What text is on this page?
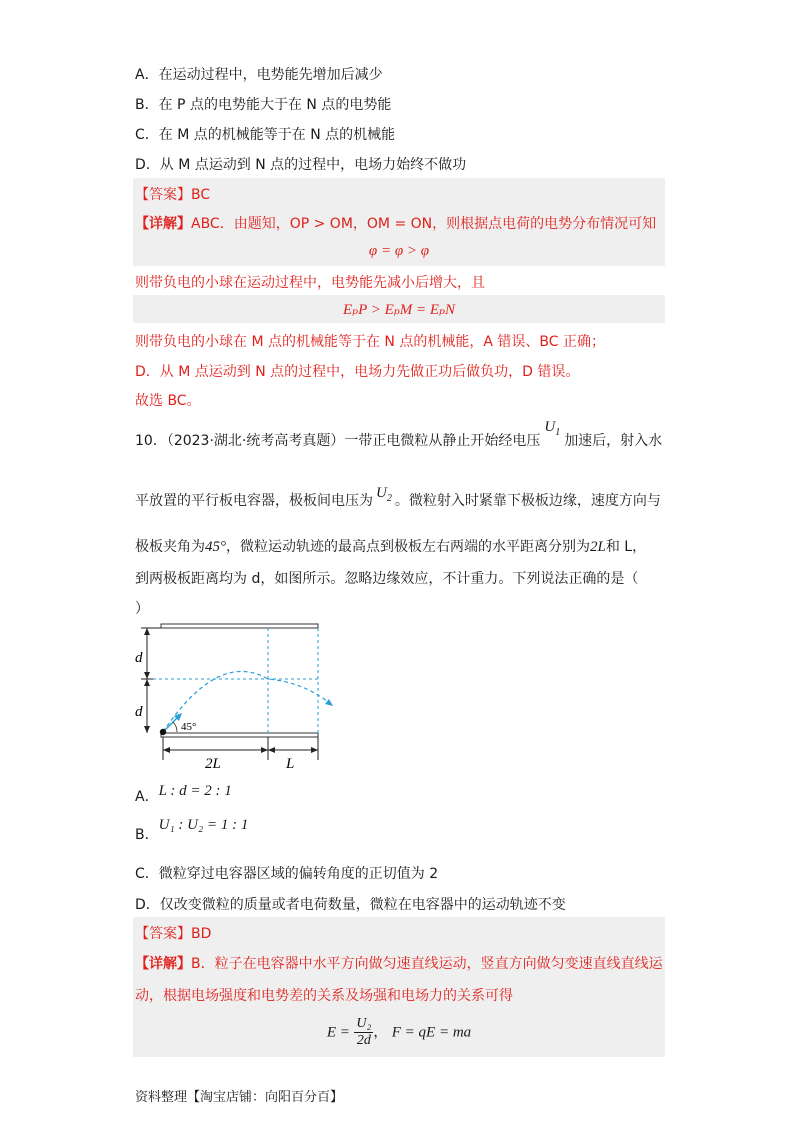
A．在运动过程中，电势能先增加后减少
B．在 P 点的电势能大于在 N 点的电势能
C．在 M 点的机械能等于在 N 点的机械能
D．从 M 点运动到 N 点的过程中，电场力始终不做功
【答案】BC
【详解】ABC．由题知，OP > OM，OM = ON，则根据点电荷的电势分布情况可知
φ = φ > φ
则带负电的小球在运动过程中，电势能先减小后增大，且
EₚP > EₚM = EₚN
则带负电的小球在 M 点的机械能等于在 N 点的机械能，A 错误、BC 正确；
D．从 M 点运动到 N 点的过程中，电场力先做正功后做负功，D 错误。
故选 BC。
10．（2023·湖北·统考高考真题）一带正电微粒从静止开始经电压$U_1$加速后，射入水
平放置的平行板电容器，极板间电压为 $U_2$ 。微粒射入时紧靠下极板边缘，速度方向与
极板夹角为45°，微粒运动轨迹的最高点到极板左右两端的水平距离分别为2L和 L，
到两极板距离均为 d，如图所示。忽略边缘效应，不计重力。下列说法正确的是（
）
d
d
45°
2L	L
A．L : d = 2 : 1
B．U₁ : U₂ = 1 : 1
C．微粒穿过电容器区域的偏转角度的正切值为 2
D．仅改变微粒的质量或者电荷数量，微粒在电容器中的运动轨迹不变
【答案】BD
【详解】B．粒子在电容器中水平方向做匀速直线运动，竖直方向做匀变速直线直线运
动，根据电场强度和电势差的关系及场强和电场力的关系可得
$E = \frac{\text{U₂}}{2d}$ ， F = qE = ma
资料整理【淘宝店铺：向阳百分百】
